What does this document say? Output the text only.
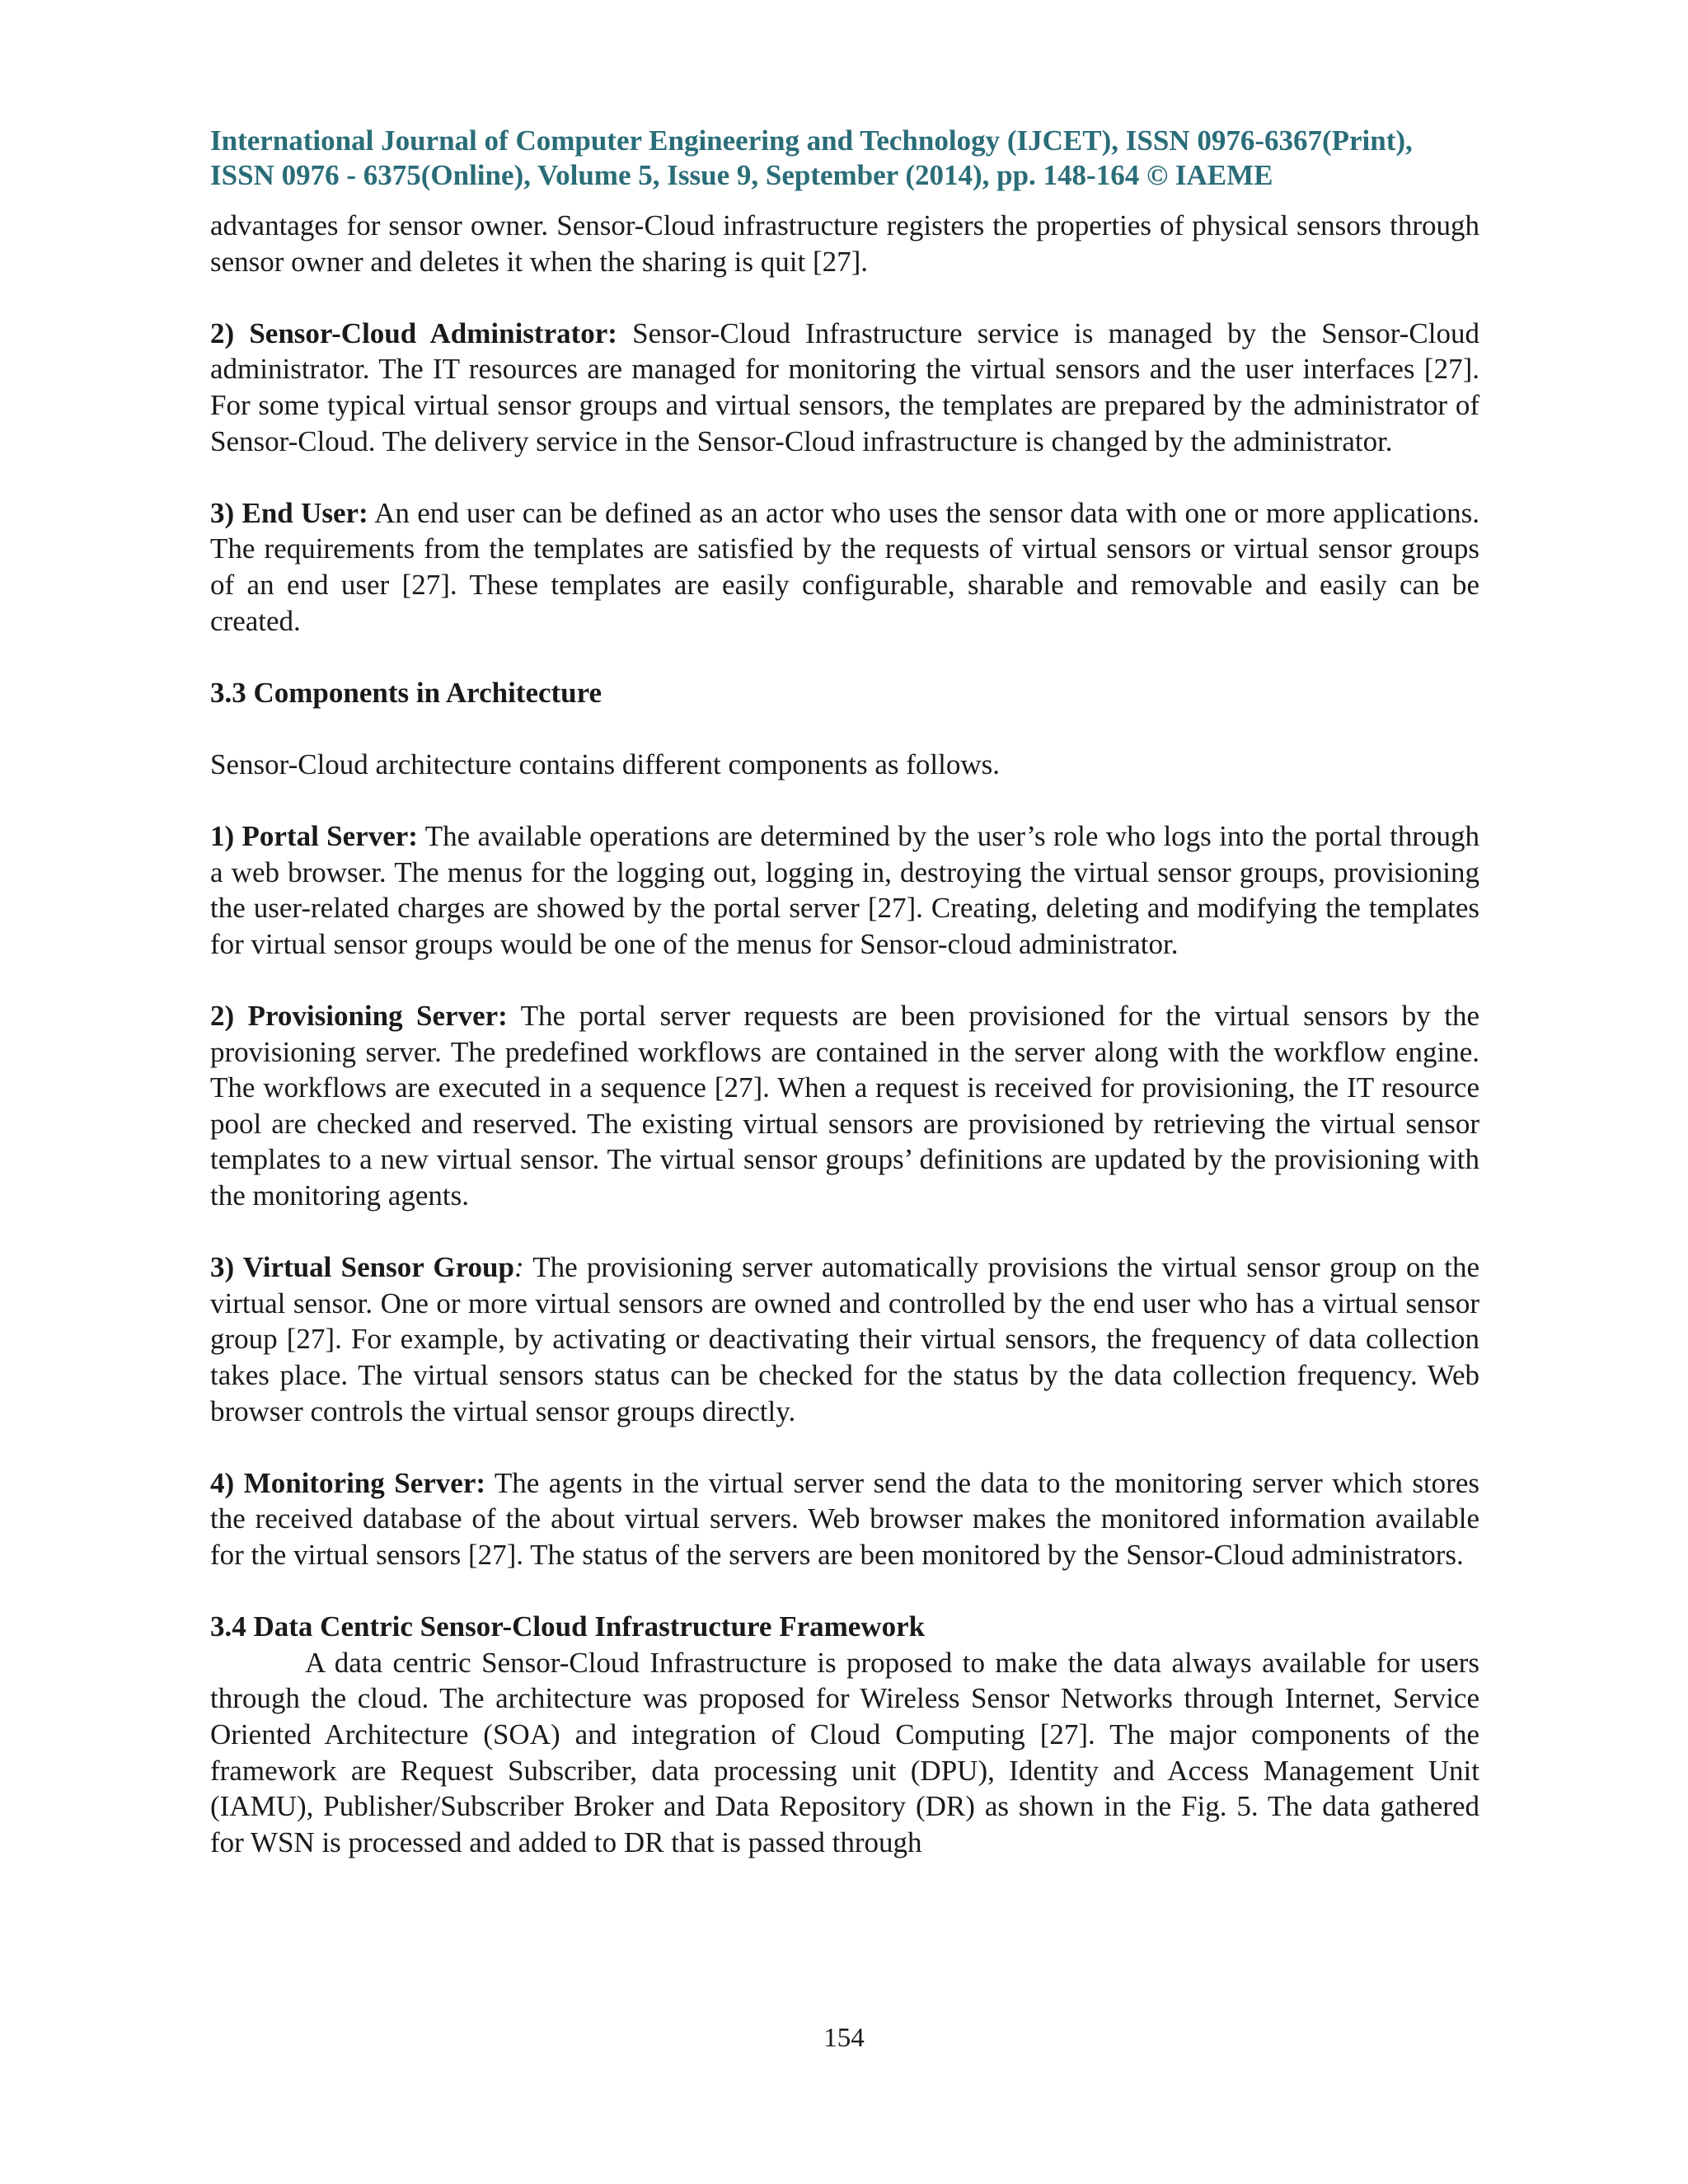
International Journal of Computer Engineering and Technology (IJCET), ISSN 0976-6367(Print),
ISSN 0976 - 6375(Online), Volume 5, Issue 9, September (2014), pp. 148-164 © IAEME

advantages for sensor owner. Sensor-Cloud infrastructure registers the properties of physical sensors through sensor owner and deletes it when the sharing is quit [27].

2) Sensor-Cloud Administrator: Sensor-Cloud Infrastructure service is managed by the Sensor-Cloud administrator. The IT resources are managed for monitoring the virtual sensors and the user interfaces [27]. For some typical virtual sensor groups and virtual sensors, the templates are prepared by the administrator of Sensor-Cloud. The delivery service in the Sensor-Cloud infrastructure is changed by the administrator.

3) End User: An end user can be defined as an actor who uses the sensor data with one or more applications. The requirements from the templates are satisfied by the requests of virtual sensors or virtual sensor groups of an end user [27]. These templates are easily configurable, sharable and removable and easily can be created.

3.3 Components in Architecture

Sensor-Cloud architecture contains different components as follows.

1) Portal Server: The available operations are determined by the user’s role who logs into the portal through a web browser. The menus for the logging out, logging in, destroying the virtual sensor groups, provisioning the user-related charges are showed by the portal server [27]. Creating, deleting and modifying the templates for virtual sensor groups would be one of the menus for Sensor-cloud administrator.

2) Provisioning Server: The portal server requests are been provisioned for the virtual sensors by the provisioning server. The predefined workflows are contained in the server along with the workflow engine. The workflows are executed in a sequence [27]. When a request is received for provisioning, the IT resource pool are checked and reserved. The existing virtual sensors are provisioned by retrieving the virtual sensor templates to a new virtual sensor. The virtual sensor groups’ definitions are updated by the provisioning with the monitoring agents.

3) Virtual Sensor Group: The provisioning server automatically provisions the virtual sensor group on the virtual sensor. One or more virtual sensors are owned and controlled by the end user who has a virtual sensor group [27]. For example, by activating or deactivating their virtual sensors, the frequency of data collection takes place. The virtual sensors status can be checked for the status by the data collection frequency. Web browser controls the virtual sensor groups directly.

4) Monitoring Server: The agents in the virtual server send the data to the monitoring server which stores the received database of the about virtual servers. Web browser makes the monitored information available for the virtual sensors [27]. The status of the servers are been monitored by the Sensor-Cloud administrators.

3.4 Data Centric Sensor-Cloud Infrastructure Framework

A data centric Sensor-Cloud Infrastructure is proposed to make the data always available for users through the cloud. The architecture was proposed for Wireless Sensor Networks through Internet, Service Oriented Architecture (SOA) and integration of Cloud Computing [27]. The major components of the framework are Request Subscriber, data processing unit (DPU), Identity and Access Management Unit (IAMU), Publisher/Subscriber Broker and Data Repository (DR) as shown in the Fig. 5. The data gathered for WSN is processed and added to DR that is passed through

154
